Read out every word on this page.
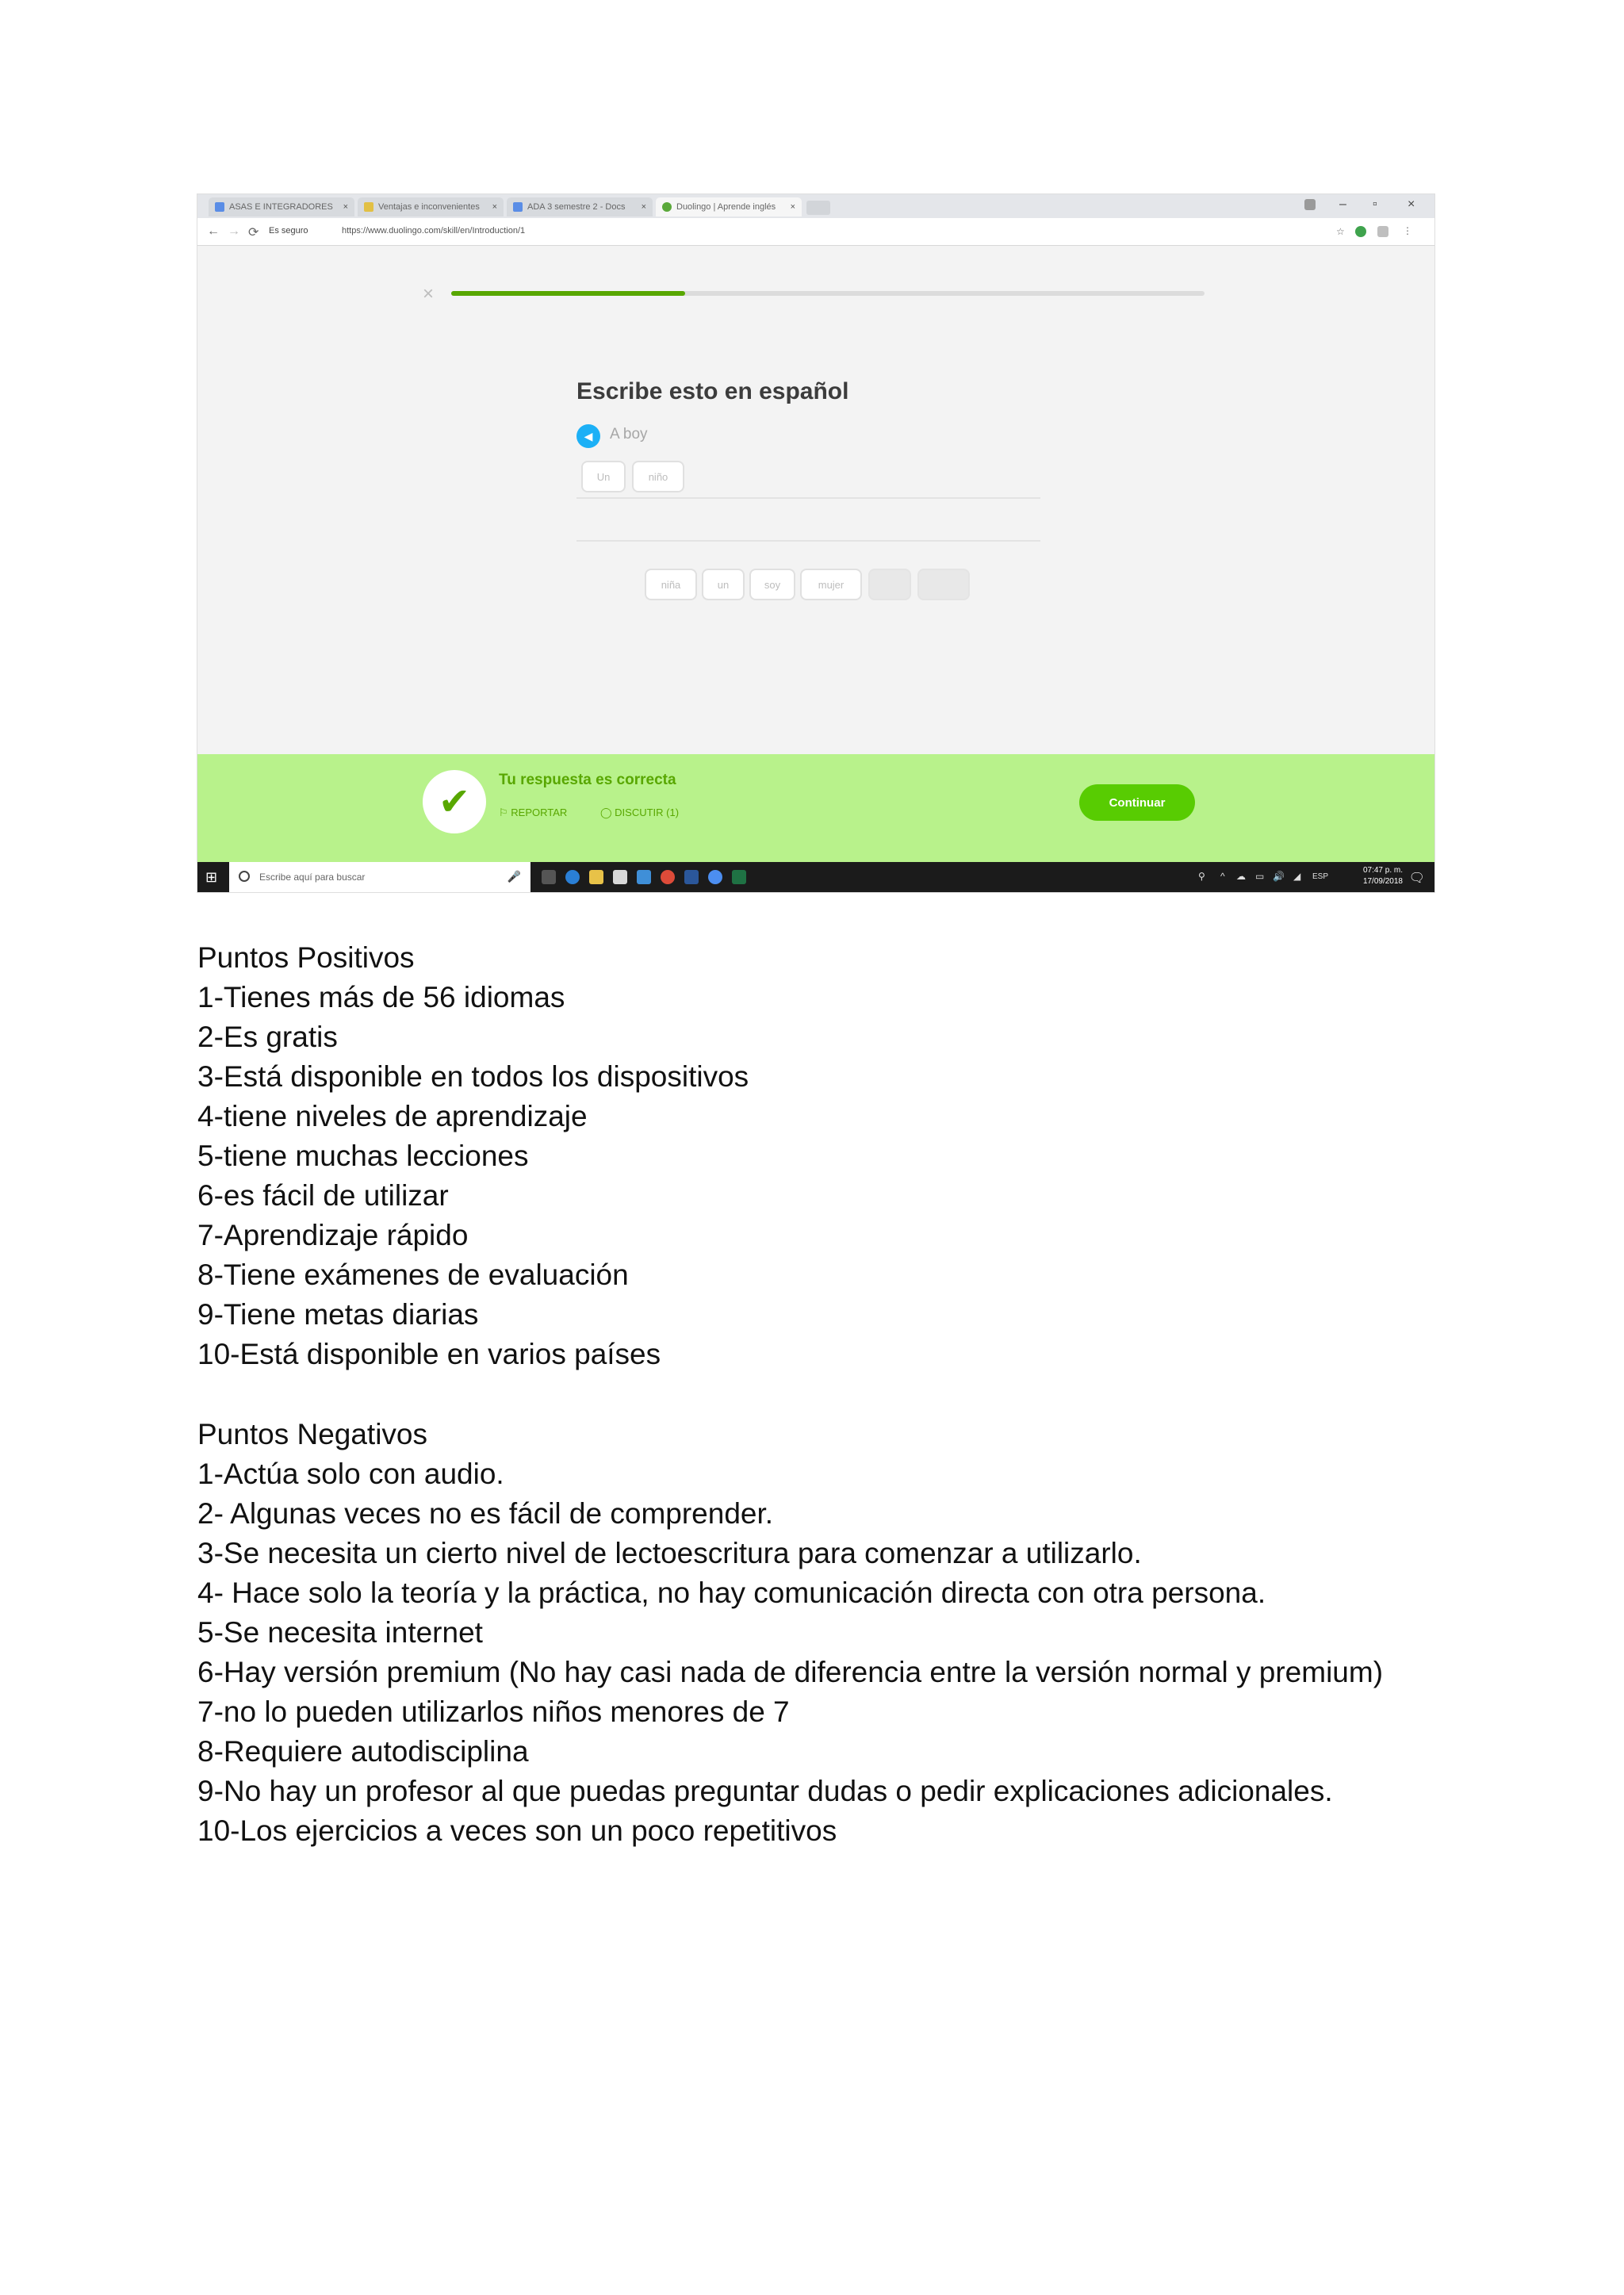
ASAS E INTEGRADORES	×	Ventajas e inconvenientes	×	ADA 3 semestre 2 - Docs	×	Duolingo | Aprende inglés	×	– ▫ ×
← → ⟳ Es seguro	https://www.duolingo.com/skill/en/Introduction/1	☆	⋮
×
Escribe esto en español
◀	A boy
Un	niño
niña	un	soy	mujer
✔
Tu respuesta es correcta
⚐ REPORTAR	◯ DISCUTIR (1)
Continuar
⊞	Escribe aquí para buscar	🎤	⚲ ^ ☁ ▭ 🔊 ◢ ESP
07:47 p. m.
17/09/2018 🗨
Puntos Positivos
1-Tienes más de 56 idiomas
2-Es gratis
3-Está disponible en todos los dispositivos
4-tiene niveles de aprendizaje
5-tiene muchas lecciones
6-es fácil de utilizar
7-Aprendizaje rápido
8-Tiene exámenes de evaluación
9-Tiene metas diarias
10-Está disponible en varios países
Puntos Negativos
1-Actúa solo con audio.
2- Algunas veces no es fácil de comprender.
3-Se necesita un cierto nivel de lectoescritura para comenzar a utilizarlo.
4- Hace solo la teoría y la práctica, no hay comunicación directa con otra persona.
5-Se necesita internet
6-Hay versión premium (No hay casi nada de diferencia entre la versión normal y premium)
7-no lo pueden utilizarlos niños menores de 7
8-Requiere autodisciplina
9-No hay un profesor al que puedas preguntar dudas o pedir explicaciones adicionales.
10-Los ejercicios a veces son un poco repetitivos
